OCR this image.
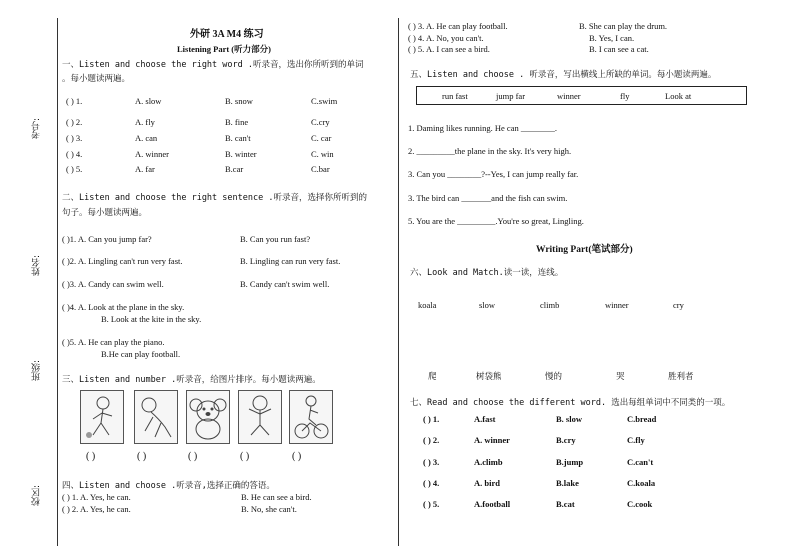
考号:
姓名:
班级:
校区:
外研 3A M4 练习
Listening Part (听力部分)
一、Listen and choose the right word .听录音，选出你所听到的单词
。每小题读两遍。
( ) 1.	A. slow	B. snow	C.swim
( ) 2.	A. fly	B. fine	C.cry
( ) 3.	A. can	B. can't	C. car
( ) 4.	A. winner	B. winter	C. win
( ) 5.	A. far	B.car	C.bar
二、Listen and choose the right sentence .听录音，选择你所听到的
句子。每小题读两遍。
( )1. A. Can you jump far?	B. Can you run fast?
( )2. A. Lingling can't run very fast.	B. Lingling can run very fast.
( )3. A. Candy can swim well.	B. Candy can't swim well.
( )4. A. Look at the plane in the sky.
B. Look at the kite in the sky.
( )5. A. He can play the piano.
B.He can play football.
三、Listen and number .听录音，给图片排序。每小题读两遍。
( )	( )	( )	( )	( )
四、Listen and choose .听录音,选择正确的答语。
( ) 1. A. Yes, he can.	B. He can see a bird.
( ) 2. A. Yes, he can.	B. No, she can't.
( ) 3. A. He can play football.	B. She can play the drum.
( ) 4. A. No, you can't.	B. Yes, I can.
( ) 5. A. I can see a bird.	B. I can see a cat.
五、Listen and choose . 听录音，写出横线上所缺的单词。每小题读两遍。
run fast	jump far	winner	fly	Look at
1. Daming likes running. He can ________.
2. _________the plane in the sky. It's very high.
3. Can you ________?--Yes, I can jump really far.
3. The bird can _______and the fish can swim.
5. You are the _________.You're so great, Lingling.
Writing Part(笔试部分)
六、Look and Match.读一读，连线。
koala	slow	climb	winner	cry
爬	树袋熊	慢的	哭	胜利者
七、Read and choose the different word. 选出每组单词中不同类的一项。
( ) 1.	A.fast	B. slow	C.bread
( ) 2.	A. winner	B.cry	C.fly
( ) 3.	A.climb	B.jump	C.can't
( ) 4.	A. bird	B.lake	C.koala
( ) 5.	A.football	B.cat	C.cook
